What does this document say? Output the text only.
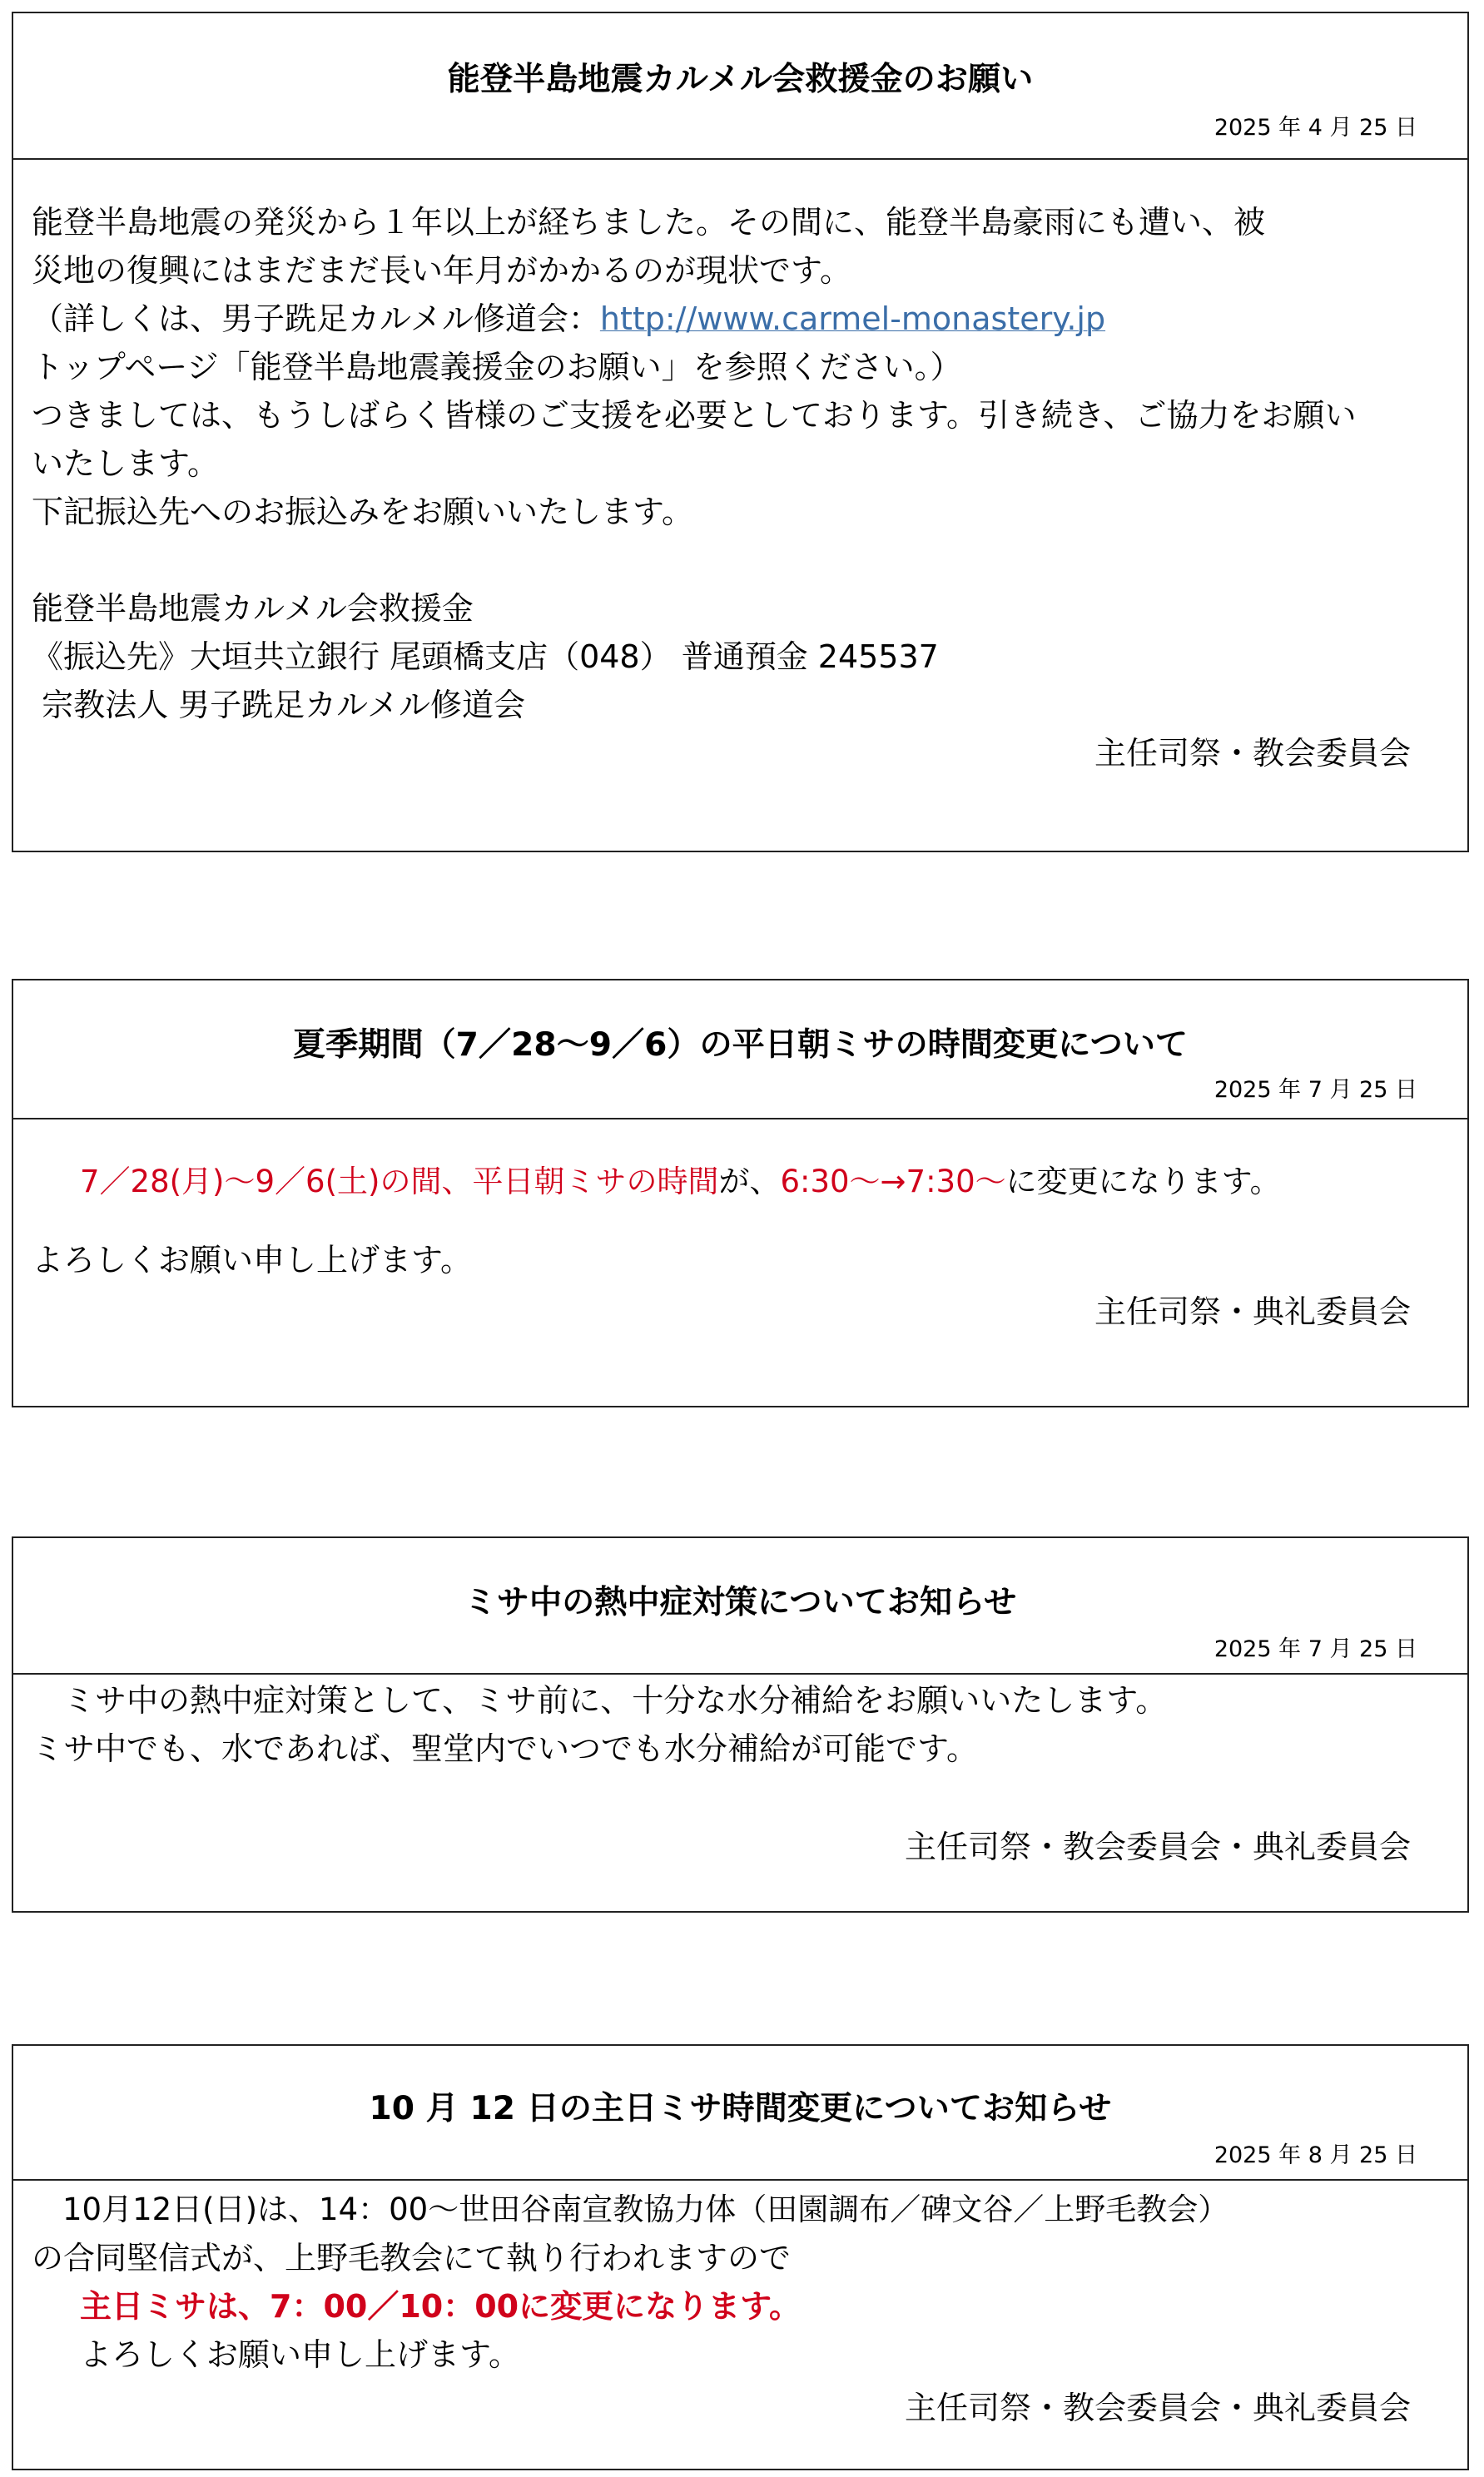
能登半島地震カルメル会救援金のお願い
2025 年 4 月 25 日
能登半島地震の発災から１年以上が経ちました。その間に、能登半島豪雨にも遭い、被
災地の復興にはまだまだ長い年月がかかるのが現状です。
（詳しくは、男子跣足カルメル修道会：http://www.carmel-monastery.jp
トップページ「能登半島地震義援金のお願い」を参照ください。）
つきましては、もうしばらく皆様のご支援を必要としております。引き続き、ご協力をお願い
いたします。
下記振込先へのお振込みをお願いいたします。
能登半島地震カルメル会救援金
《振込先》大垣共立銀行 尾頭橋支店（048） 普通預金 245537
宗教法人 男子跣足カルメル修道会
主任司祭・教会委員会
夏季期間（7／28～9／6）の平日朝ミサの時間変更について
2025 年 7 月 25 日
7／28(月)～9／6(土)の間、平日朝ミサの時間が、6:30～→7:30～に変更になります。
よろしくお願い申し上げます。
主任司祭・典礼委員会
ミサ中の熱中症対策についてお知らせ
2025 年 7 月 25 日
　ミサ中の熱中症対策として、ミサ前に、十分な水分補給をお願いいたします。
ミサ中でも、水であれば、聖堂内でいつでも水分補給が可能です。
主任司祭・教会委員会・典礼委員会
10 月 12 日の主日ミサ時間変更についてお知らせ
2025 年 8 月 25 日
　10月12日(日)は、14：00～世田谷南宣教協力体（田園調布／碑文谷／上野毛教会）
の合同堅信式が、上野毛教会にて執り行われますので
主日ミサは、7：00／10：00に変更になります。
よろしくお願い申し上げます。
主任司祭・教会委員会・典礼委員会
